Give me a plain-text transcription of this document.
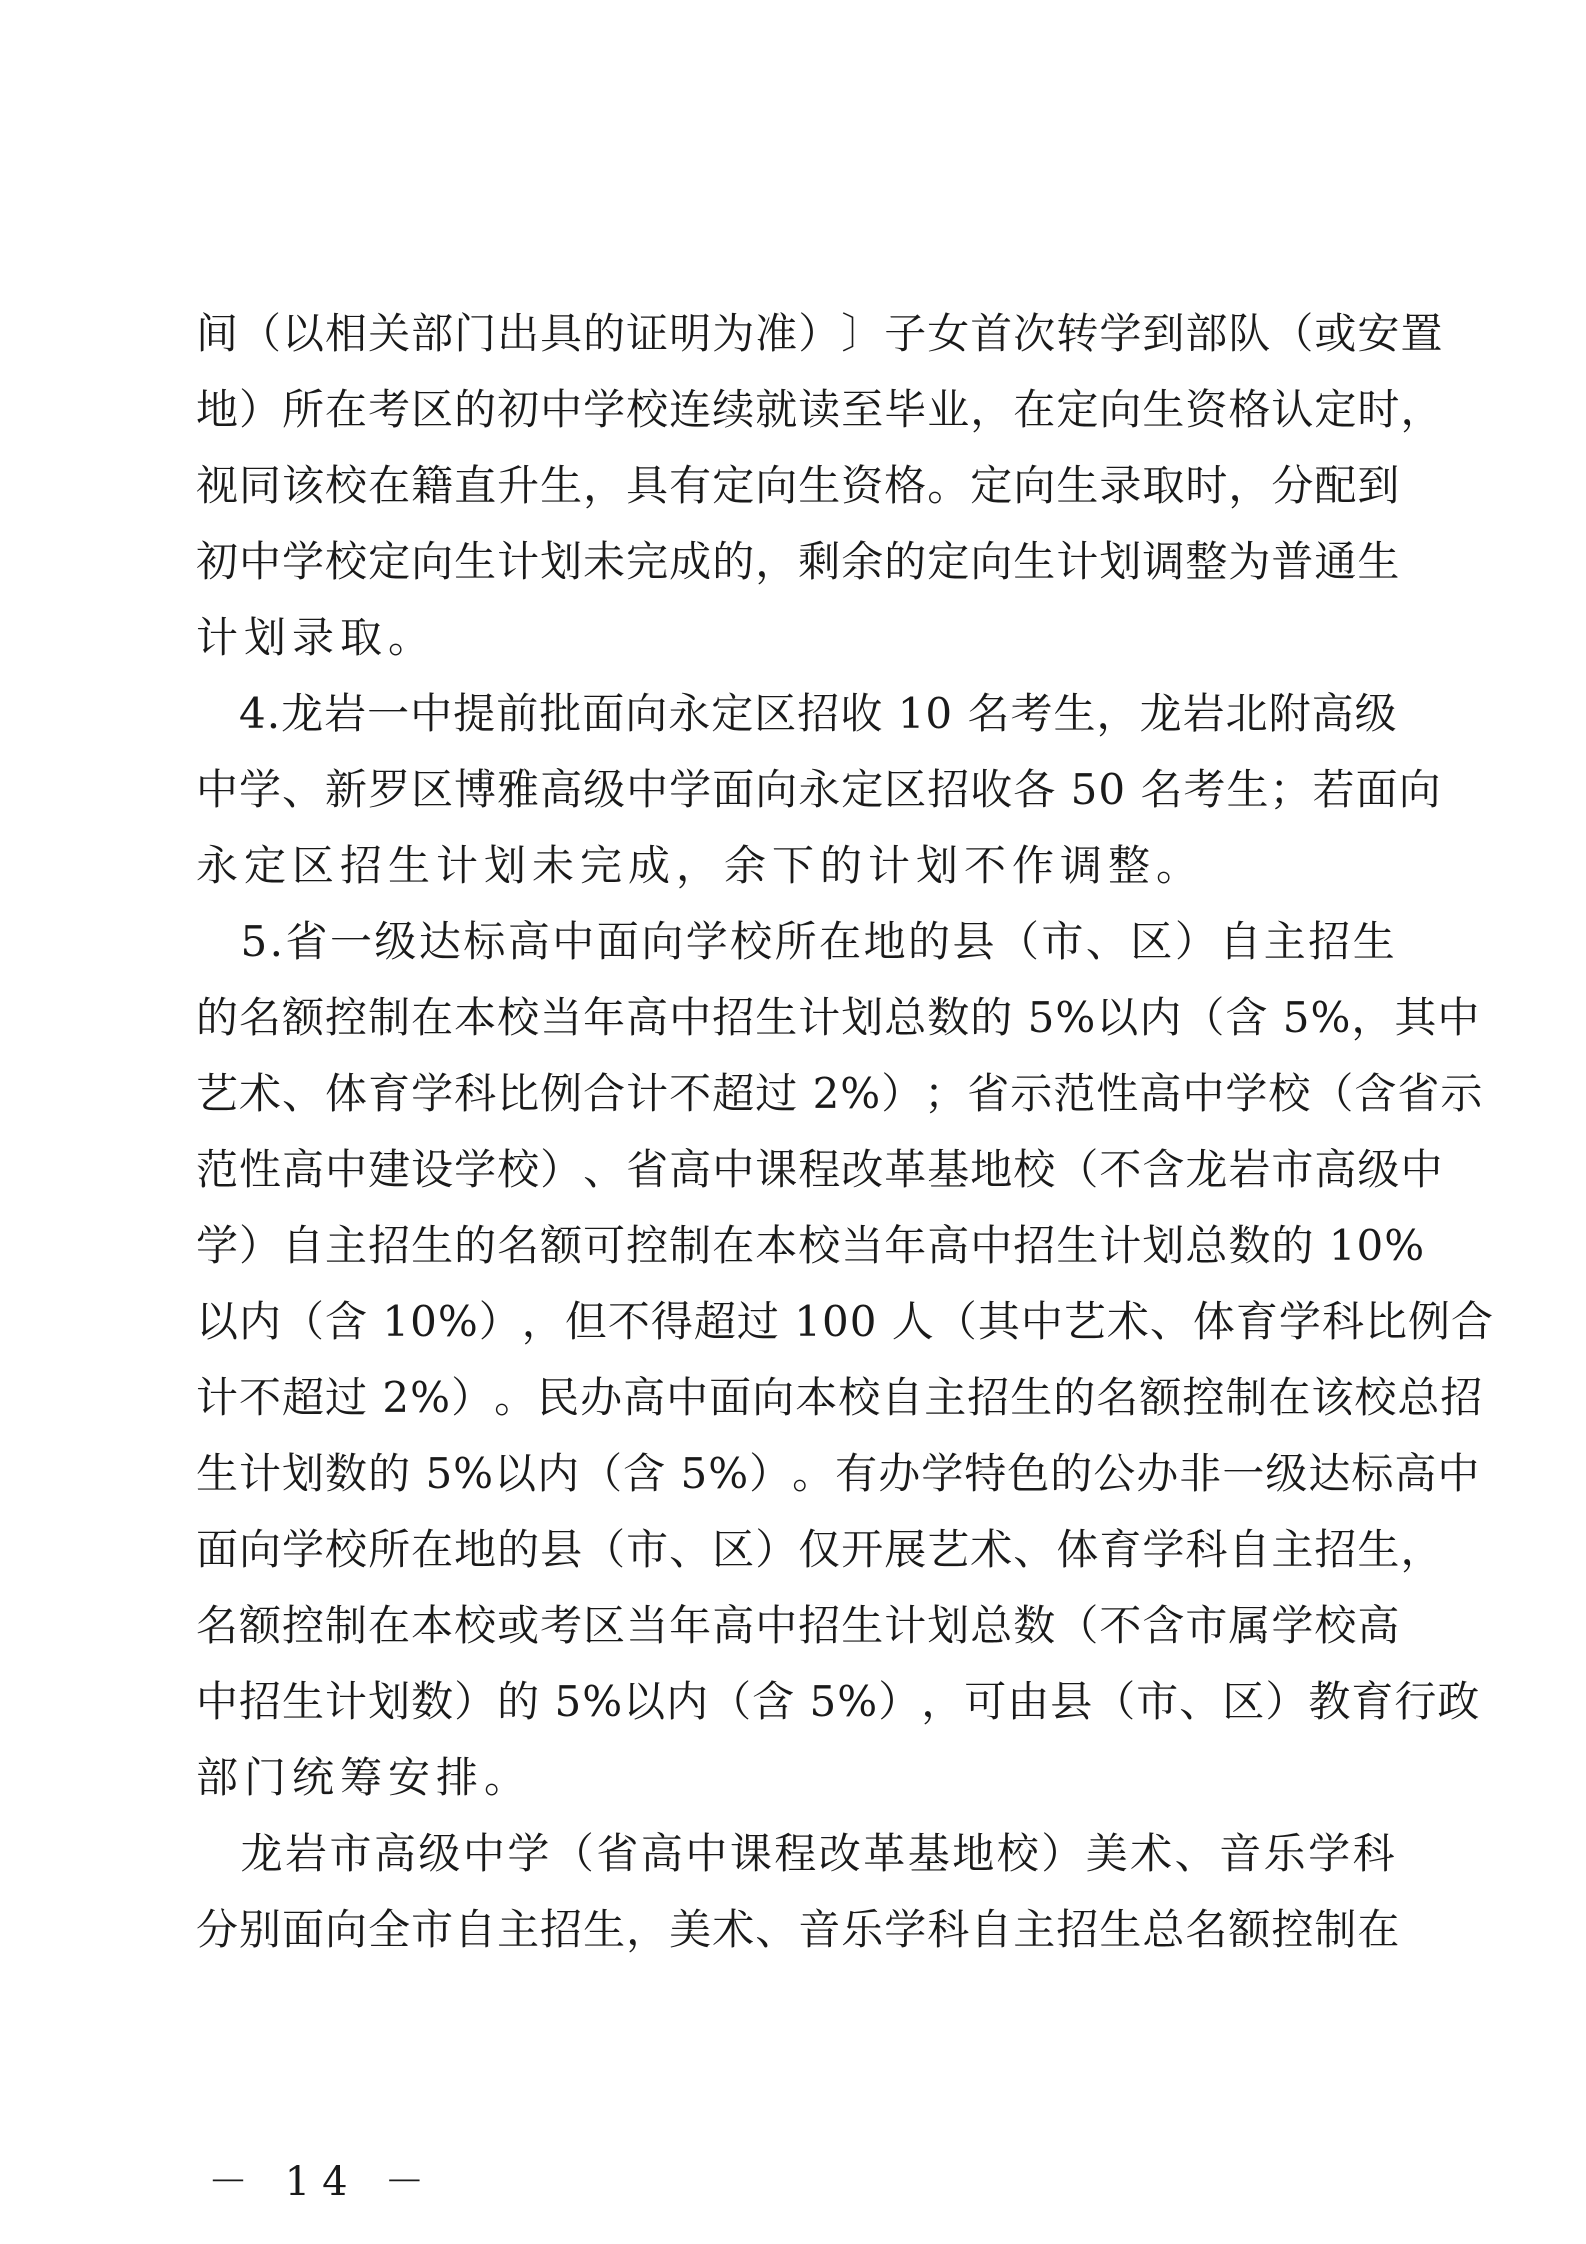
间 （ 以 相 关 部 门 出 具 的 证 明 为 准 ） 〕 子 女 首 次 转 学 到 部 队 （ 或 安 置
地 ） 所 在 考 区 的 初 中 学 校 连 续 就 读 至 毕 业 ， 在 定 向 生 资 格 认 定 时 ，
视 同 该 校 在 籍 直 升 生 ， 具 有 定 向 生 资 格 。 定 向 生 录 取 时 ， 分 配 到
初 中 学 校 定 向 生 计 划 未 完 成 的 ， 剩 余 的 定 向 生 计 划 调 整 为 普 通 生
计划录取。

4 . 龙 岩 一 中 提 前 批 面 向 永 定 区 招 收
10
名 考 生 ， 龙 岩 北 附 高 级
中 学 、 新 罗 区 博 雅 高 级 中 学 面 向 永 定 区 招 收 各
50
名 考 生 ； 若 面 向
永定区招生计划未完成，余下的计划不作调整。

5 . 省 一 级 达 标 高 中 面 向 学 校 所 在 地 的 县 （ 市 、 区 ） 自 主 招 生
的 名 额 控 制 在 本 校 当 年 高 中 招 生 计 划 总 数 的
5% 以 内 （ 含
5% ， 其 中
艺 术 、 体 育 学 科 比 例 合 计 不 超 过
2% ） ； 省 示 范 性 高 中 学 校 （ 含 省 示
范 性 高 中 建 设 学 校 ） 、 省 高 中 课 程 改 革 基 地 校 （ 不 含 龙 岩 市 高 级 中
学 ） 自 主 招 生 的 名 额 可 控 制 在 本 校 当 年 高 中 招 生 计 划 总 数 的
10%
以 内 （ 含
10% ） ， 但 不 得 超 过
100
人 （ 其 中 艺 术 、 体 育 学 科 比 例 合
计 不 超 过
2% ） 。 民 办 高 中 面 向 本 校 自 主 招 生 的 名 额 控 制 在 该 校 总 招
生 计 划 数 的
5% 以 内 （ 含
5% ） 。 有 办 学 特 色 的 公 办 非 一 级 达 标 高 中
面 向 学 校 所 在 地 的 县 （ 市 、 区 ） 仅 开 展 艺 术 、 体 育 学 科 自 主 招 生 ，
名 额 控 制 在 本 校 或 考 区 当 年 高 中 招 生 计 划 总 数 （ 不 含 市 属 学 校 高
中 招 生 计 划 数 ） 的
5% 以 内 （ 含
5% ） ， 可 由 县 （ 市 、 区 ） 教 育 行 政
部门统筹安排。

龙 岩 市 高 级 中 学 （ 省 高 中 课 程 改 革 基 地 校 ） 美 术 、 音 乐 学 科
分 别 面 向 全 市 自 主 招 生 ， 美 术 、 音 乐 学 科 自 主 招 生 总 名 额 控 制 在
－ 14 －
